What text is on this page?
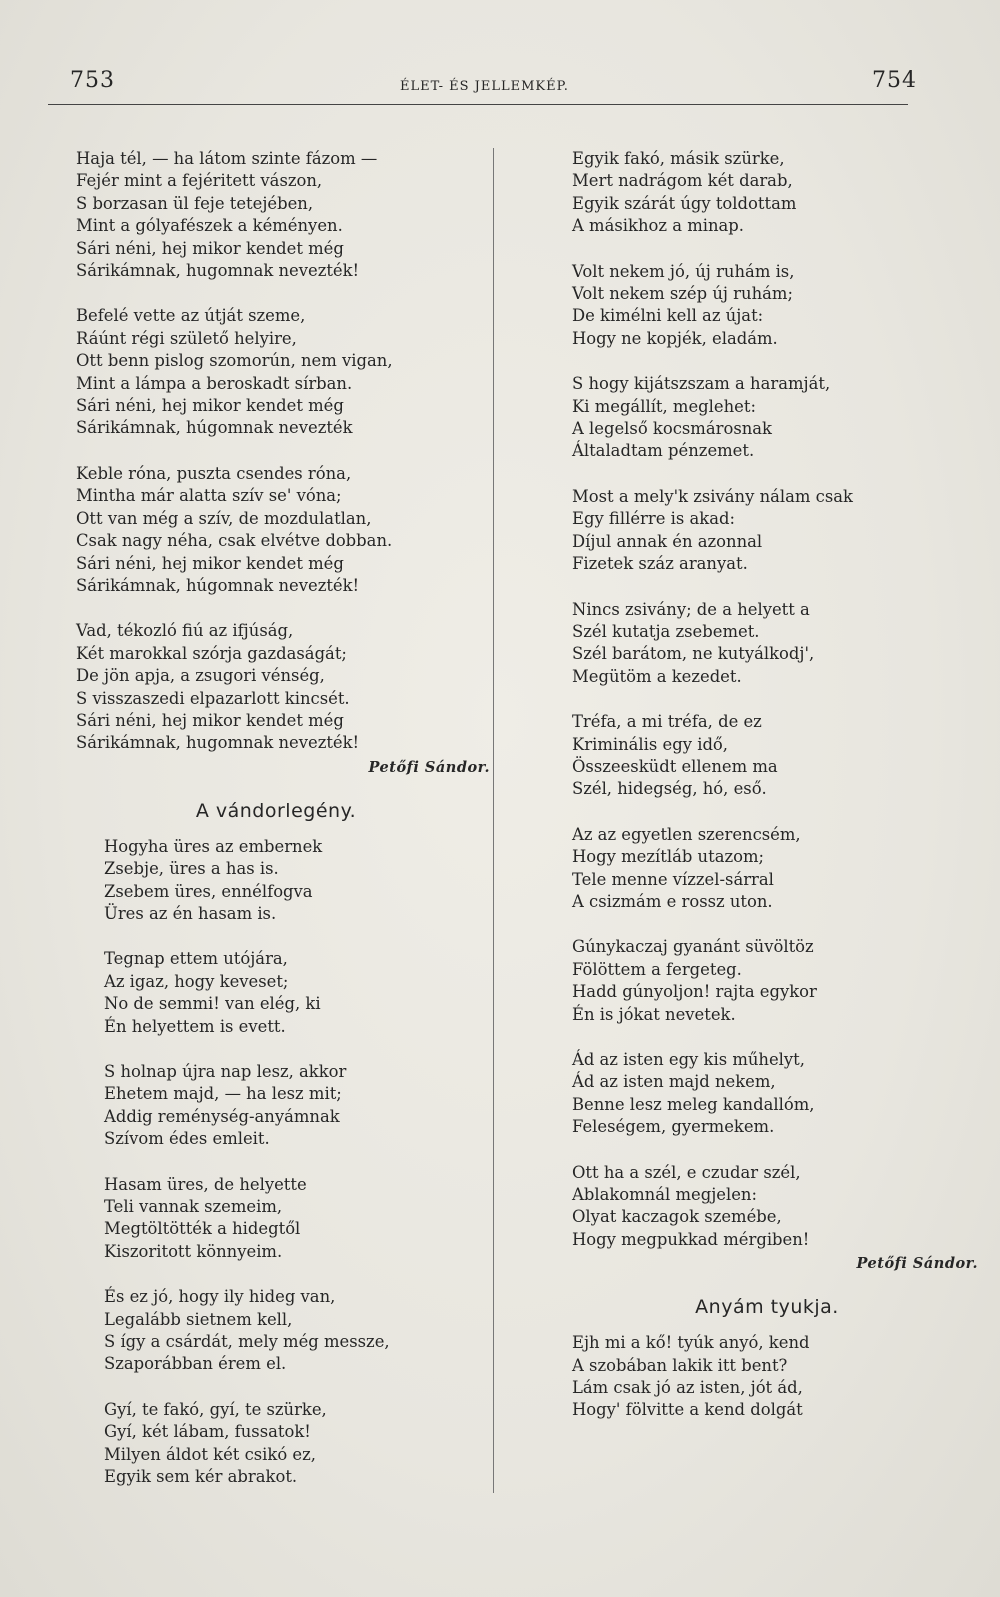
753	ÉLET- ÉS JELLEMKÉP.	754
Haja tél, — ha látom szinte fázom —
Fejér mint a fejéritett vászon,
S borzasan ül feje tetejében,
Mint a gólyafészek a kéményen.
Sári néni, hej mikor kendet még
Sárikámnak, hugomnak nevezték!
Befelé vette az útját szeme,
Ráúnt régi születő helyire,
Ott benn pislog szomorún, nem vigan,
Mint a lámpa a beroskadt sírban.
Sári néni, hej mikor kendet még
Sárikámnak, húgomnak nevezték
Keble róna, puszta csendes róna,
Mintha már alatta szív se' vóna;
Ott van még a szív, de mozdulatlan,
Csak nagy néha, csak elvétve dobban.
Sári néni, hej mikor kendet még
Sárikámnak, húgomnak nevezték!
Vad, tékozló fiú az ifjúság,
Két marokkal szórja gazdaságát;
De jön apja, a zsugori vénség,
S visszaszedi elpazarlott kincsét.
Sári néni, hej mikor kendet még
Sárikámnak, hugomnak nevezték!
Petőfi Sándor.
A vándorlegény.
Hogyha üres az embernek
Zsebje, üres a has is.
Zsebem üres, ennélfogva
Üres az én hasam is.
Tegnap ettem utójára,
Az igaz, hogy keveset;
No de semmi! van elég, ki
Én helyettem is evett.
S holnap újra nap lesz, akkor
Ehetem majd, — ha lesz mit;
Addig reménység-anyámnak
Szívom édes emleit.
Hasam üres, de helyette
Teli vannak szemeim,
Megtöltötték a hidegtől
Kiszoritott könnyeim.
És ez jó, hogy ily hideg van,
Legalább sietnem kell,
S így a csárdát, mely még messze,
Szaporábban érem el.
Gyí, te fakó, gyí, te szürke,
Gyí, két lábam, fussatok!
Milyen áldot két csikó ez,
Egyik sem kér abrakot.
Egyik fakó, másik szürke,
Mert nadrágom két darab,
Egyik szárát úgy toldottam
A másikhoz a minap.
Volt nekem jó, új ruhám is,
Volt nekem szép új ruhám;
De kimélni kell az újat:
Hogy ne kopjék, eladám.
S hogy kijátszszam a haramját,
Ki megállít, meglehet:
A legelső kocsmárosnak
Általadtam pénzemet.
Most a mely'k zsivány nálam csak
Egy fillérre is akad:
Díjul annak én azonnal
Fizetek száz aranyat.
Nincs zsivány; de a helyett a
Szél kutatja zsebemet.
Szél barátom, ne kutyálkodj',
Megütöm a kezedet.
Tréfa, a mi tréfa, de ez
Kriminális egy idő,
Összeesküdt ellenem ma
Szél, hidegség, hó, eső.
Az az egyetlen szerencsém,
Hogy mezítláb utazom;
Tele menne vízzel-sárral
A csizmám e rossz uton.
Gúnykaczaj gyanánt süvöltöz
Fölöttem a fergeteg.
Hadd gúnyoljon! rajta egykor
Én is jókat nevetek.
Ád az isten egy kis műhelyt,
Ád az isten majd nekem,
Benne lesz meleg kandallóm,
Feleségem, gyermekem.
Ott ha a szél, e czudar szél,
Ablakomnál megjelen:
Olyat kaczagok szemébe,
Hogy megpukkad mérgiben!
Petőfi Sándor.
Anyám tyukja.
Ejh mi a kő! tyúk anyó, kend
A szobában lakik itt bent?
Lám csak jó az isten, jót ád,
Hogy' fölvitte a kend dolgát
